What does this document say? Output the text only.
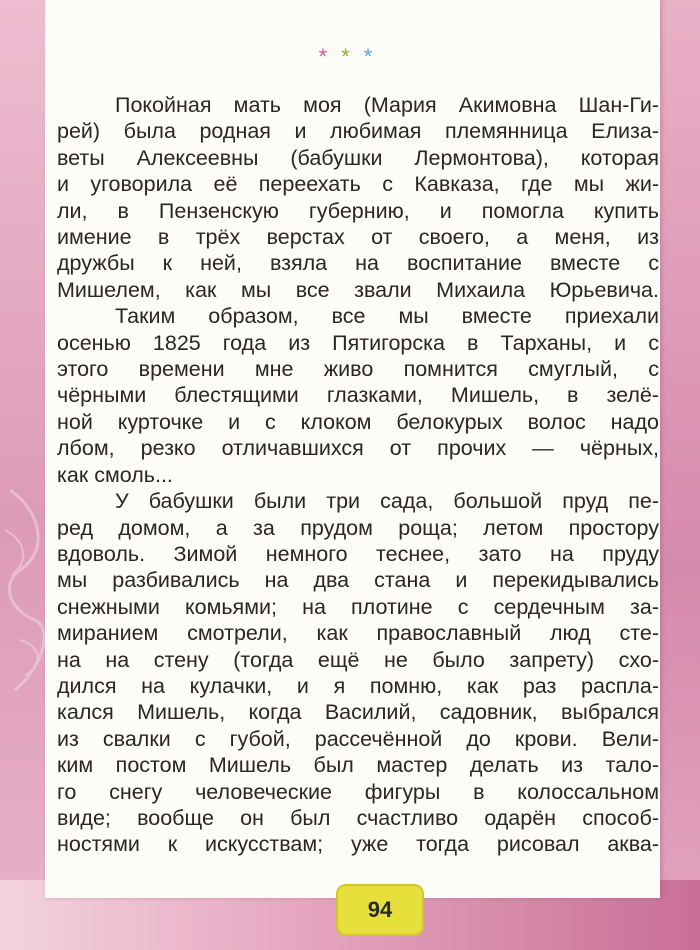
***
Покойная мать моя (Мария Акимовна Шан-Ги-
рей) была родная и любимая племянница Елиза-
веты Алексеевны (бабушки Лермонтова), которая
и уговорила её переехать с Кавказа, где мы жи-
ли, в Пензенскую губернию, и помогла купить
имение в трёх верстах от своего, а меня, из
дружбы к ней, взяла на воспитание вместе с
Мишелем, как мы все звали Михаила Юрьевича.
Таким образом, все мы вместе приехали
осенью 1825 года из Пятигорска в Тарханы, и с
этого времени мне живо помнится смуглый, с
чёрными блестящими глазками, Мишель, в зелё-
ной курточке и с клоком белокурых волос надо
лбом, резко отличавшихся от прочих — чёрных,
как смоль...
У бабушки были три сада, большой пруд пе-
ред домом, а за прудом роща; летом простору
вдоволь. Зимой немного теснее, зато на пруду
мы разбивались на два стана и перекидывались
снежными комьями; на плотине с сердечным за-
миранием смотрели, как православный люд сте-
на на стену (тогда ещё не было запрету) схо-
дился на кулачки, и я помню, как раз распла-
кался Мишель, когда Василий, садовник, выбрался
из свалки с губой, рассечённой до крови. Вели-
ким постом Мишель был мастер делать из тало-
го снегу человеческие фигуры в колоссальном
виде; вообще он был счастливо одарён способ-
ностями к искусствам; уже тогда рисовал аква-
94
